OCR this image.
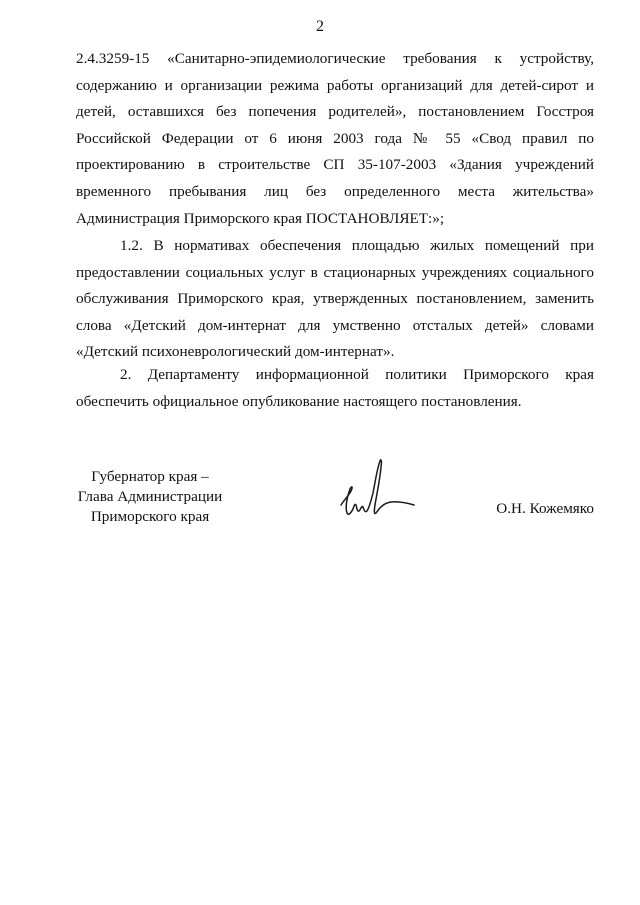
2
2.4.3259-15 «Санитарно-эпидемиологические требования к устройству,
содержанию и организации режима работы организаций для детей-сирот и
детей, оставшихся без попечения родителей», постановлением Госстроя
Российской Федерации от 6 июня 2003 года № 55 «Свод правил по
проектированию в строительстве СП 35-107-2003 «Здания учреждений
временного пребывания лиц без определенного места жительства»
Администрация Приморского края ПОСТАНОВЛЯЕТ:»;
1.2. В нормативах обеспечения площадью жилых помещений при
предоставлении социальных услуг в стационарных учреждениях социального
обслуживания Приморского края, утвержденных постановлением, заменить
слова «Детский дом-интернат для умственно отсталых детей» словами
«Детский психоневрологический дом-интернат».
2. Департаменту информационной политики Приморского края
обеспечить официальное опубликование настоящего постановления.
Губернатор края –
Глава Администрации
Приморского края	О.Н. Кожемяко
